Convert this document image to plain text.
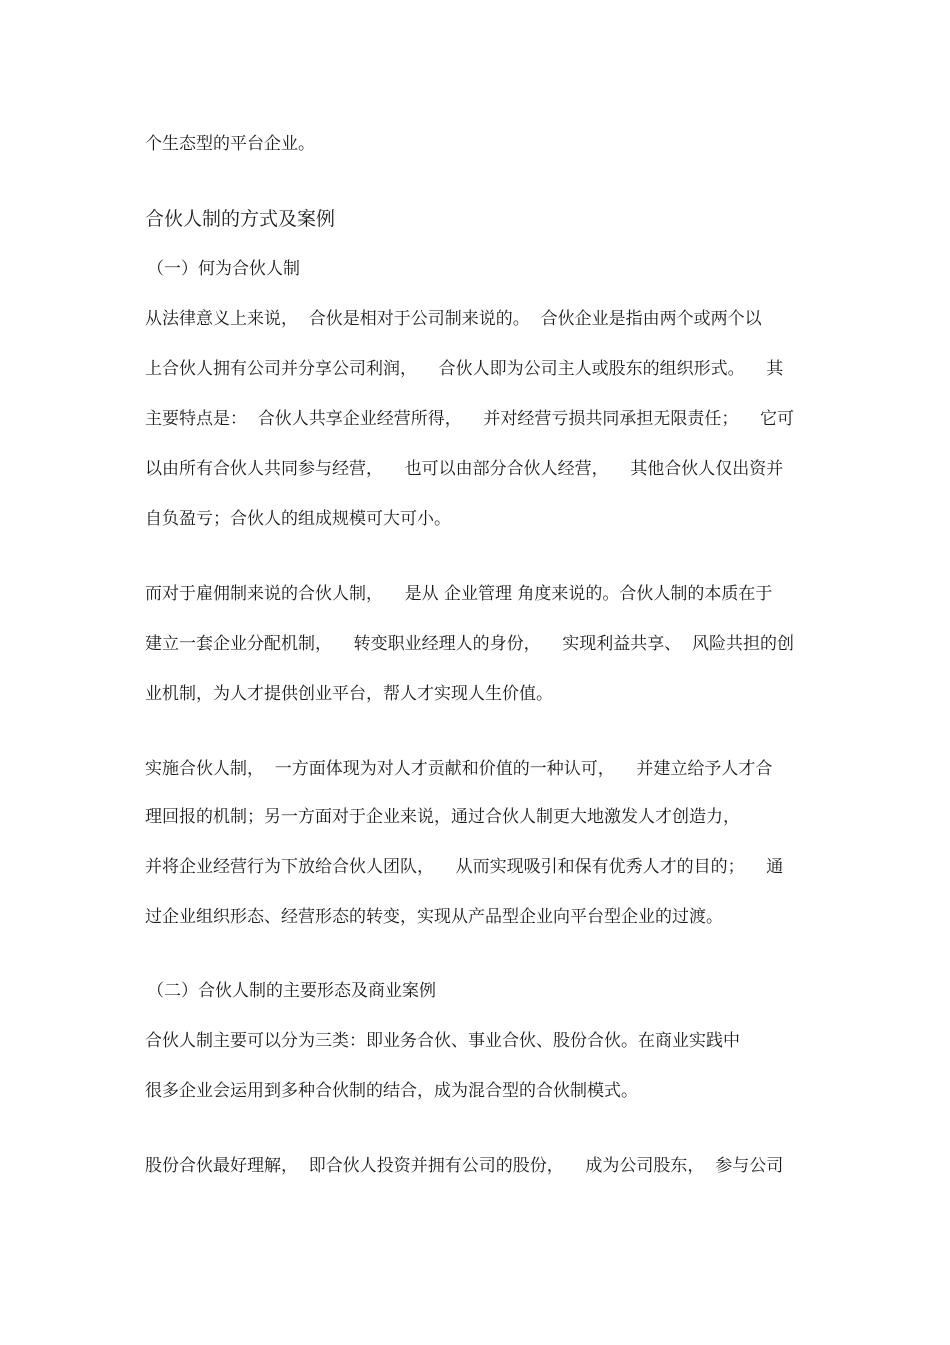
个生态型的平台企业。

合伙人制的方式及案例

（一）何为合伙人制

从法律意义上来说，  合伙是相对于公司制来说的。  合伙企业是指由两个或两个以

上合伙人拥有公司并分享公司利润，    合伙人即为公司主人或股东的组织形式。    其

主要特点是：  合伙人共享企业经营所得，    并对经营亏损共同承担无限责任；    它可

以由所有合伙人共同参与经营，    也可以由部分合伙人经营，    其他合伙人仅出资并

自负盈亏；合伙人的组成规模可大可小。

而对于雇佣制来说的合伙人制，    是从 企业管理 角度来说的。合伙人制的本质在于

建立一套企业分配机制，    转变职业经理人的身份，    实现利益共享、  风险共担的创

业机制，为人才提供创业平台，帮人才实现人生价值。

实施合伙人制，  一方面体现为对人才贡献和价值的一种认可，    并建立给予人才合

理回报的机制；另一方面对于企业来说，通过合伙人制更大地激发人才创造力，

并将企业经营行为下放给合伙人团队，    从而实现吸引和保有优秀人才的目的；    通

过企业组织形态、经营形态的转变，实现从产品型企业向平台型企业的过渡。

（二）合伙人制的主要形态及商业案例

合伙人制主要可以分为三类：即业务合伙、事业合伙、股份合伙。在商业实践中

很多企业会运用到多种合伙制的结合，成为混合型的合伙制模式。

股份合伙最好理解，  即合伙人投资并拥有公司的股份，    成为公司股东，  参与公司
